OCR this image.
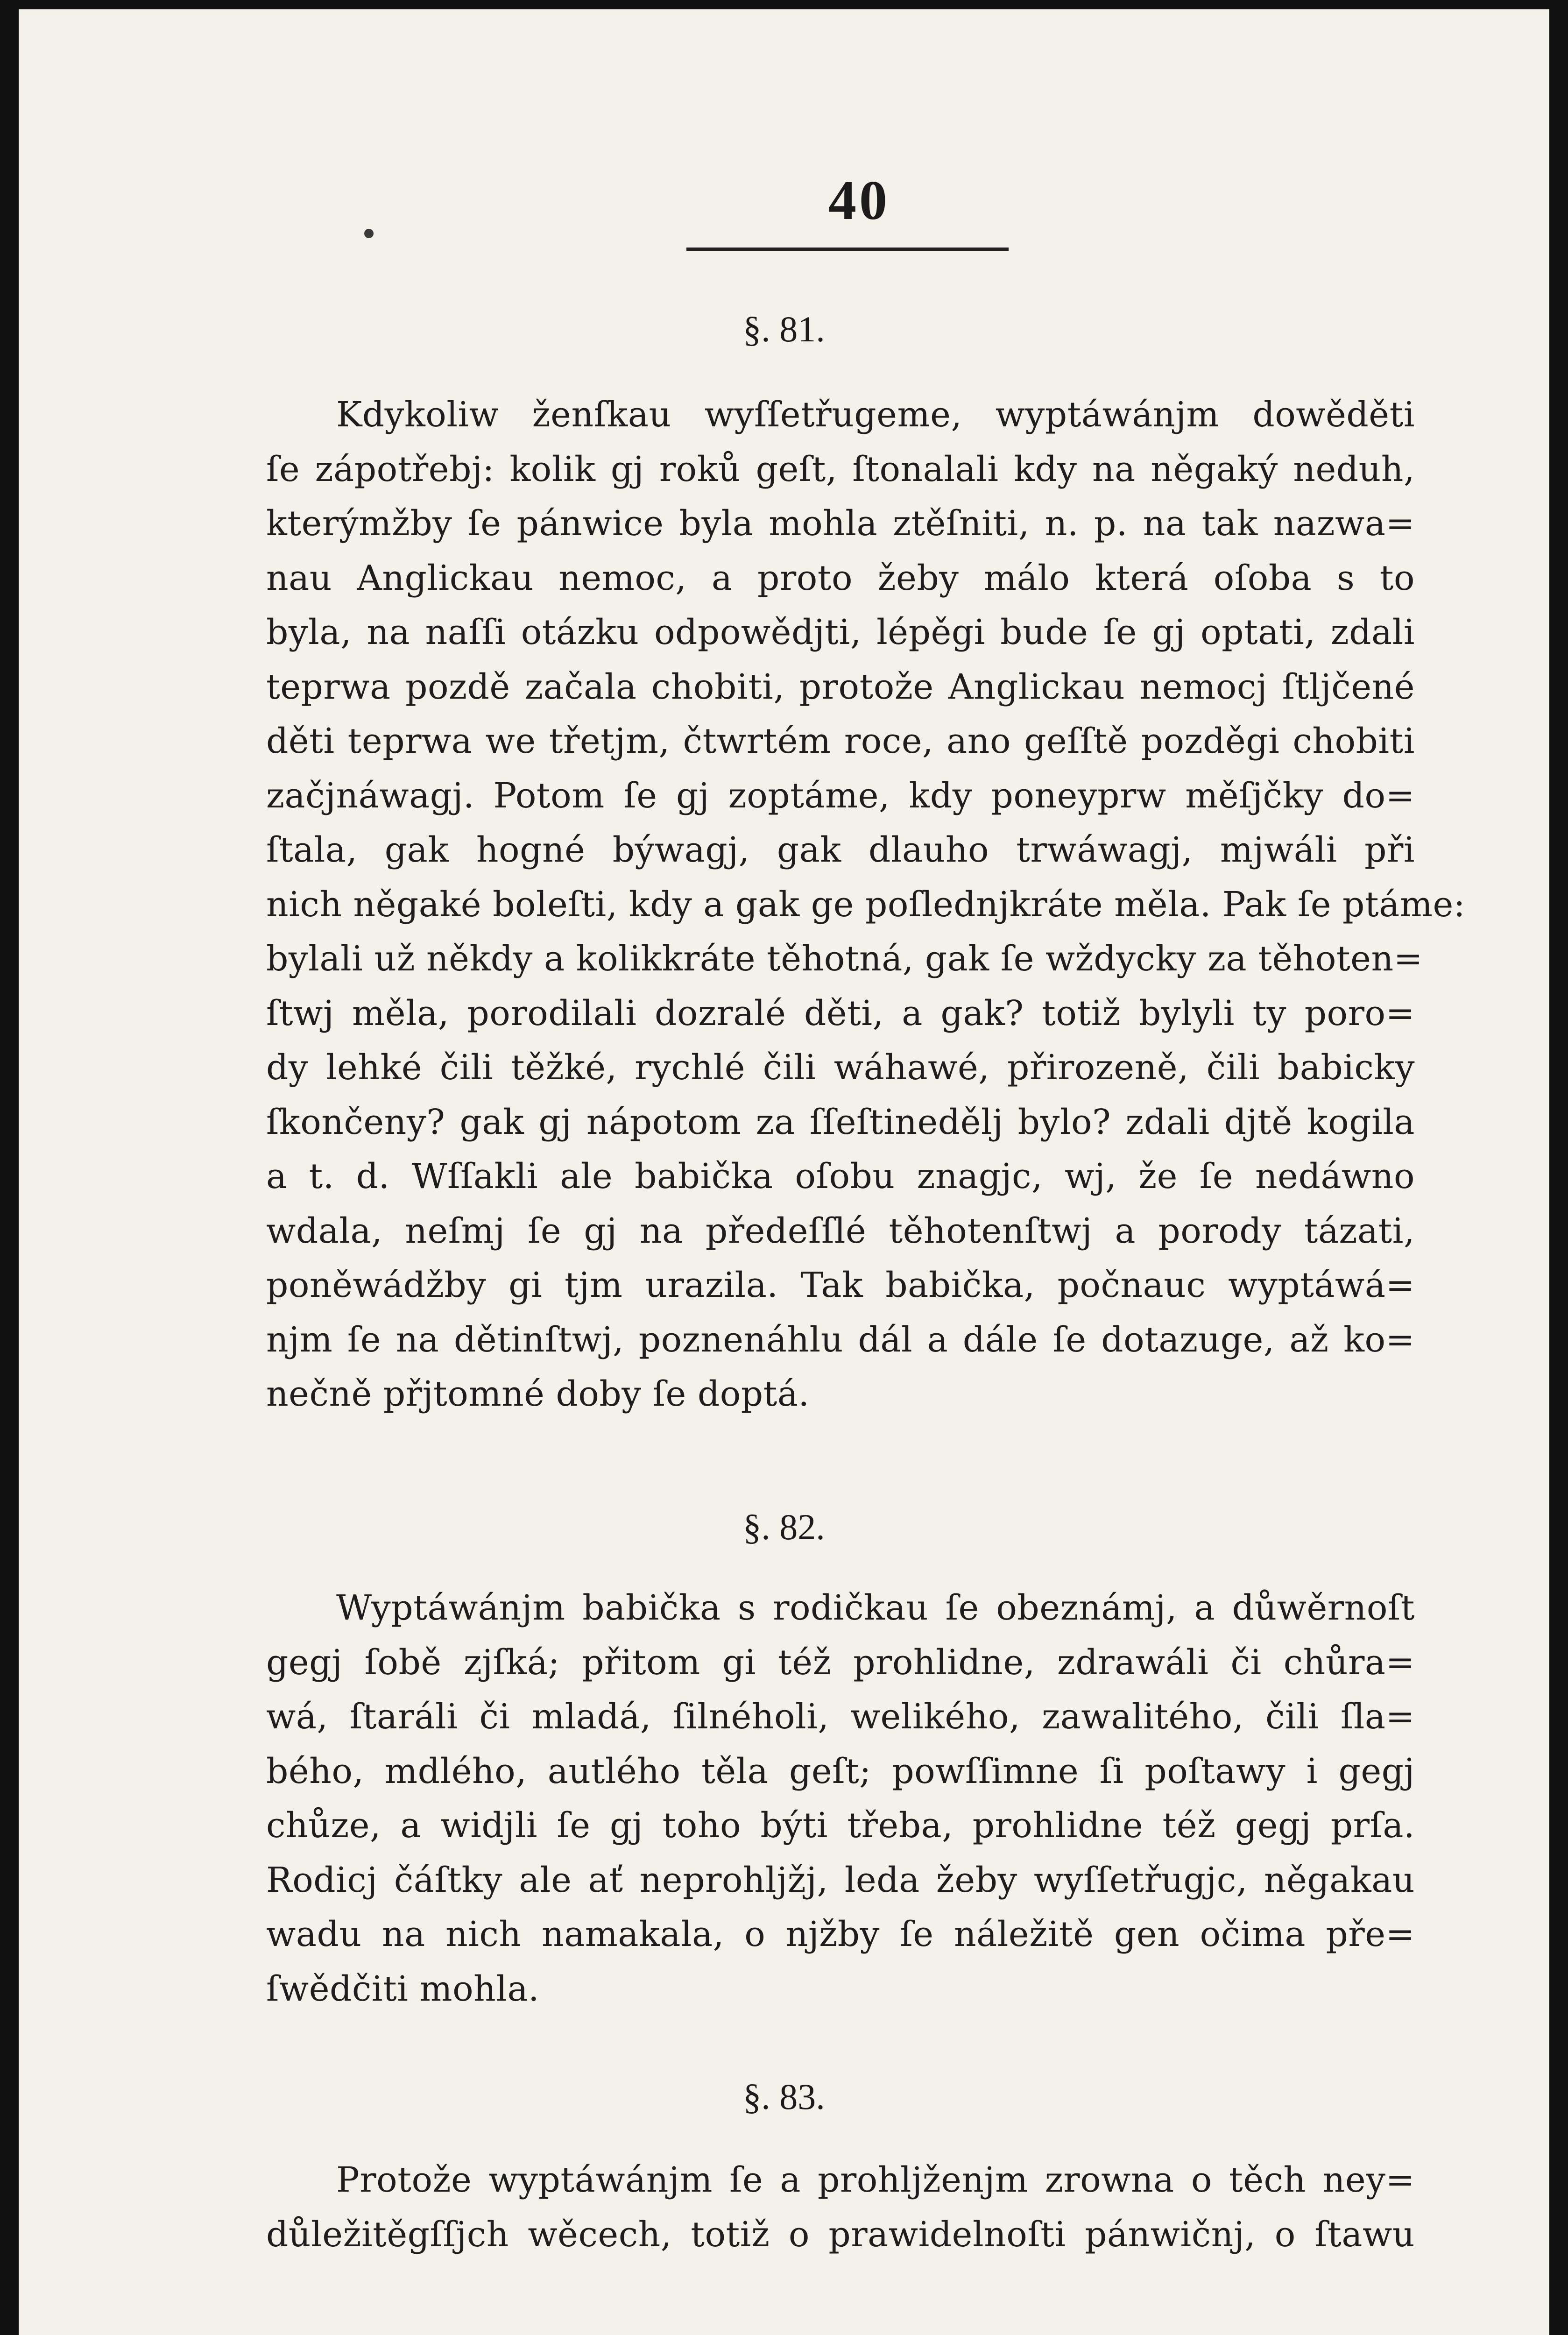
40
§. 81.
Kdykoliw ženſkau wyſſetřugeme, wyptáwánjm dowěděti
ſe zápotřebj: kolik gj roků geſt, ſtonalali kdy na něgaký neduh,
kterýmžby ſe pánwice byla mohla ztěſniti, n. p. na tak nazwa=
nau Anglickau nemoc, a proto žeby málo která oſoba s to
byla, na naſſi otázku odpowědjti, lépěgi bude ſe gj optati, zdali
teprwa pozdě začala chobiti, protože Anglickau nemocj ſtljčené
děti teprwa we třetjm, čtwrtém roce, ano geſſtě pozděgi chobiti
začjnáwagj. Potom ſe gj zoptáme, kdy poneyprw měſjčky do=
ſtala, gak hogné býwagj, gak dlauho trwáwagj, mjwáli při
nich něgaké boleſti, kdy a gak ge poſlednjkráte měla. Pak ſe ptáme:
bylali už někdy a kolikkráte těhotná, gak ſe wždycky za těhoten=
ſtwj měla, porodilali dozralé děti, a gak? totiž bylyli ty poro=
dy lehké čili těžké, rychlé čili wáhawé, přirozeně, čili babicky
ſkončeny? gak gj nápotom za ſſeſtinedělj bylo? zdali djtě kogila
a t. d. Wſſakli ale babička oſobu znagjc, wj, že ſe nedáwno
wdala, neſmj ſe gj na předeſſlé těhotenſtwj a porody tázati,
poněwádžby gi tjm urazila. Tak babička, počnauc wyptáwá=
njm ſe na dětinſtwj, poznenáhlu dál a dále ſe dotazuge, až ko=
nečně přjtomné doby ſe doptá.
§. 82.
Wyptáwánjm babička s rodičkau ſe obeznámj, a důwěrnoſt
gegj ſobě zjſká; přitom gi též prohlidne, zdrawáli či chůra=
wá, ſtaráli či mladá, ſilnéholi, welikého, zawalitého, čili ſla=
bého, mdlého, autlého těla geſt; powſſimne ſi poſtawy i gegj
chůze, a widjli ſe gj toho býti třeba, prohlidne též gegj prſa.
Rodicj čáſtky ale ať neprohljžj, leda žeby wyſſetřugjc, něgakau
wadu na nich namakala, o njžby ſe náležitě gen očima pře=
ſwědčiti mohla.
§. 83.
Protože wyptáwánjm ſe a prohljženjm zrowna o těch ney=
důležitěgſſjch wěcech, totiž o prawidelnoſti pánwičnj, o ſtawu
